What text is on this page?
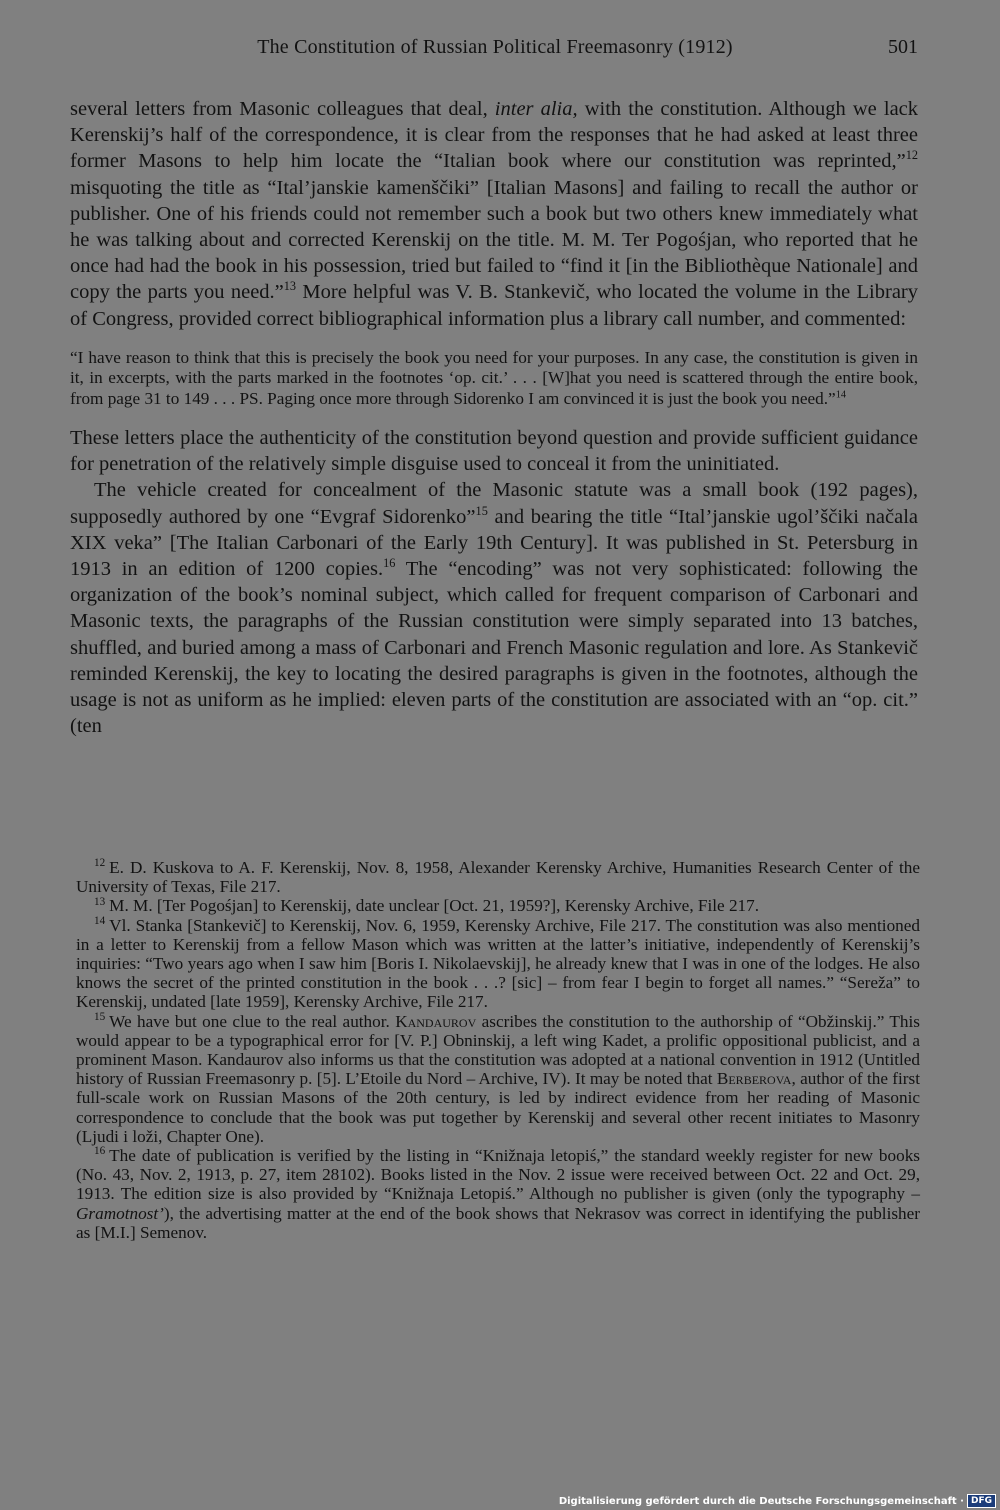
The Constitution of Russian Political Freemasonry (1912)	501

several letters from Masonic colleagues that deal, inter alia, with the constitution. Although we lack Kerenskij’s half of the correspondence, it is clear from the responses that he had asked at least three former Masons to help him locate the “Italian book where our constitution was reprinted,”$^{12}$ misquoting the title as “Ital’janskie kamenščiki” [Italian Masons] and failing to recall the author or publisher. One of his friends could not remember such a book but two others knew immediately what he was talking about and corrected Kerenskij on the title. M. M. Ter Pogośjan, who reported that he once had had the book in his possession, tried but failed to “find it [in the Bibliothèque Nationale] and copy the parts you need.”$^{13}$ More helpful was V. B. Stankevič, who located the volume in the Library of Congress, provided correct bibliographical information plus a library call number, and commented:

“I have reason to think that this is precisely the book you need for your purposes. In any case, the constitution is given in it, in excerpts, with the parts marked in the footnotes ‘op. cit.’ . . . [W]hat you need is scattered through the entire book, from page 31 to 149 . . . PS. Paging once more through Sidorenko I am convinced it is just the book you need.”$^{14}$

These letters place the authenticity of the constitution beyond question and provide sufficient guidance for penetration of the relatively simple disguise used to conceal it from the uninitiated.

The vehicle created for concealment of the Masonic statute was a small book (192 pages), supposedly authored by one “Evgraf Sidorenko”$^{15}$ and bearing the title “Ital’janskie ugol’ščiki načala XIX veka” [The Italian Carbonari of the Early 19th Century]. It was published in St. Petersburg in 1913 in an edition of 1200 copies.$^{16}$ The “encoding” was not very sophisticated: following the organization of the book’s nominal subject, which called for frequent comparison of Carbonari and Masonic texts, the paragraphs of the Russian constitution were simply separated into 13 batches, shuffled, and buried among a mass of Carbonari and French Masonic regulation and lore. As Stankevič reminded Kerenskij, the key to locating the desired paragraphs is given in the footnotes, although the usage is not as uniform as he implied: eleven parts of the constitution are associated with an “op. cit.” (ten

$^{12}$ E. D. Kuskova to A. F. Kerenskij, Nov. 8, 1958, Alexander Kerensky Archive, Humanities Research Center of the University of Texas, File 217.

$^{13}$ M. M. [Ter Pogośjan] to Kerenskij, date unclear [Oct. 21, 1959?], Kerensky Archive, File 217.

$^{14}$ Vl. Stanka [Stankevič] to Kerenskij, Nov. 6, 1959, Kerensky Archive, File 217. The constitution was also mentioned in a letter to Kerenskij from a fellow Mason which was written at the latter’s initiative, independently of Kerenskij’s inquiries: “Two years ago when I saw him [Boris I. Nikolaevskij], he already knew that I was in one of the lodges. He also knows the secret of the printed constitution in the book . . .? [sic] – from fear I begin to forget all names.” “Sereža” to Kerenskij, undated [late 1959], Kerensky Archive, File 217.

$^{15}$ We have but one clue to the real author. Kandaurov ascribes the constitution to the authorship of “Obžinskij.” This would appear to be a typographical error for [V. P.] Obninskij, a left wing Kadet, a prolific oppositional publicist, and a prominent Mason. Kandaurov also informs us that the constitution was adopted at a national convention in 1912 (Untitled history of Russian Freemasonry p. [5]. L’Etoile du Nord – Archive, IV). It may be noted that Berberova, author of the first full-scale work on Russian Masons of the 20th century, is led by indirect evidence from her reading of Masonic correspondence to conclude that the book was put together by Kerenskij and several other recent initiates to Masonry (Ljudi i loži, Chapter One).

$^{16}$ The date of publication is verified by the listing in “Knižnaja letopiś,” the standard weekly register for new books (No. 43, Nov. 2, 1913, p. 27, item 28102). Books listed in the Nov. 2 issue were received between Oct. 22 and Oct. 29, 1913. The edition size is also provided by “Knižnaja Letopiś.” Although no publisher is given (only the typography – Gramotnost’), the advertising matter at the end of the book shows that Nekrasov was correct in identifying the publisher as [M.I.] Semenov.

Digitalisierung gefördert durch die Deutsche Forschungsgemeinschaft · DFG
